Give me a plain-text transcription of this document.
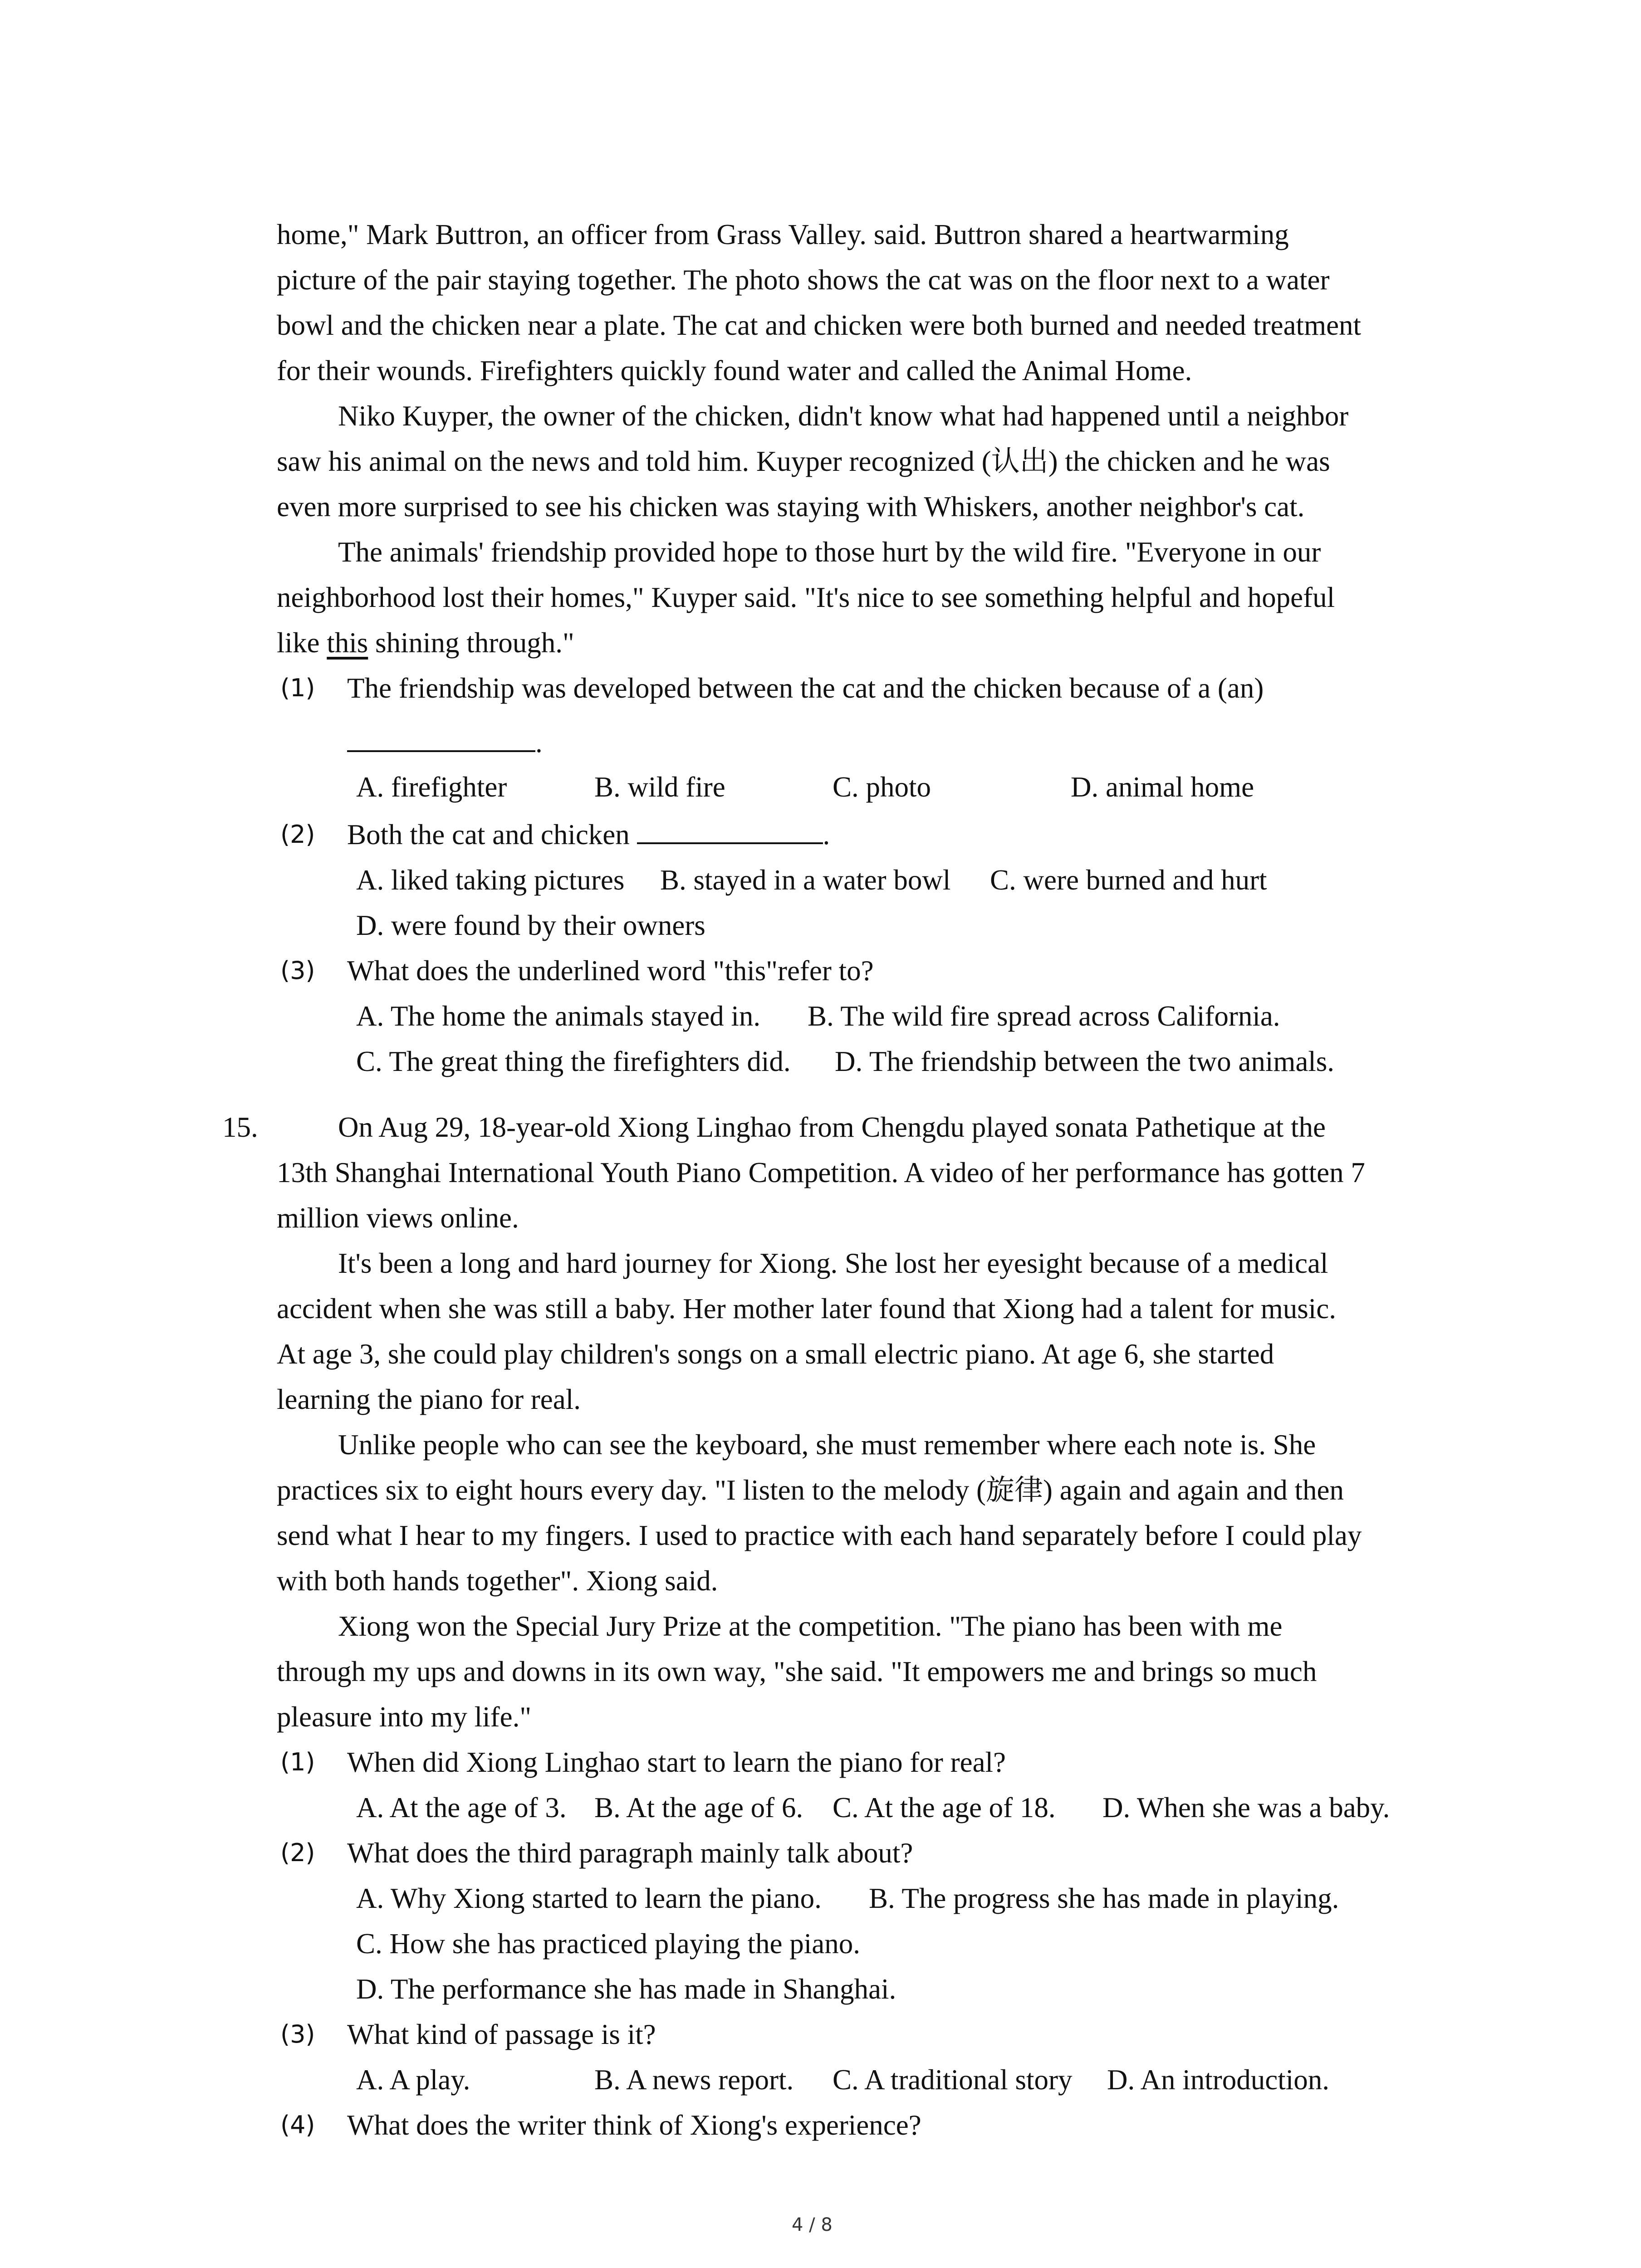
home," Mark Buttron, an officer from Grass Valley. said. Buttron shared a heartwarming
picture of the pair staying together. The photo shows the cat was on the floor next to a water
bowl and the chicken near a plate. The cat and chicken were both burned and needed treatment
for their wounds. Firefighters quickly found water and called the Animal Home.
Niko Kuyper, the owner of the chicken, didn't know what had happened until a neighbor
saw his animal on the news and told him. Kuyper recognized (认出) the chicken and he was
even more surprised to see his chicken was staying with Whiskers, another neighbor's cat.
The animals' friendship provided hope to those hurt by the wild fire. "Everyone in our
neighborhood lost their homes," Kuyper said. "It's nice to see something helpful and hopeful
like this shining through."
(1) The friendship was developed between the cat and the chicken because of a (an)
.
A. firefighter	B. wild fire	C. photo	D. animal home
(2) Both the cat and chicken	.
A. liked taking pictures B. stayed in a water bowl C. were burned and hurt
D. were found by their owners
(3) What does the underlined word "this"refer to?
A. The home the animals stayed in. B. The wild fire spread across California.
C. The great thing the firefighters did. D. The friendship between the two animals.
15.	On Aug 29, 18-year-old Xiong Linghao from Chengdu played sonata Pathetique at the
13th Shanghai International Youth Piano Competition. A video of her performance has gotten 7
million views online.
It's been a long and hard journey for Xiong. She lost her eyesight because of a medical
accident when she was still a baby. Her mother later found that Xiong had a talent for music.
At age 3, she could play children's songs on a small electric piano. At age 6, she started
learning the piano for real.
Unlike people who can see the keyboard, she must remember where each note is. She
practices six to eight hours every day. "I listen to the melody (旋律) again and again and then
send what I hear to my fingers. I used to practice with each hand separately before I could play
with both hands together". Xiong said.
Xiong won the Special Jury Prize at the competition. "The piano has been with me
through my ups and downs in its own way, "she said. "It empowers me and brings so much
pleasure into my life."
(1) When did Xiong Linghao start to learn the piano for real?
A. At the age of 3. B. At the age of 6. C. At the age of 18. D. When she was a baby.
(2) What does the third paragraph mainly talk about?
A. Why Xiong started to learn the piano. B. The progress she has made in playing.
C. How she has practiced playing the piano.
D. The performance she has made in Shanghai.
(3) What kind of passage is it?
A. A play.	B. A news report. C. A traditional story D. An introduction.
(4) What does the writer think of Xiong's experience?
4 / 8
